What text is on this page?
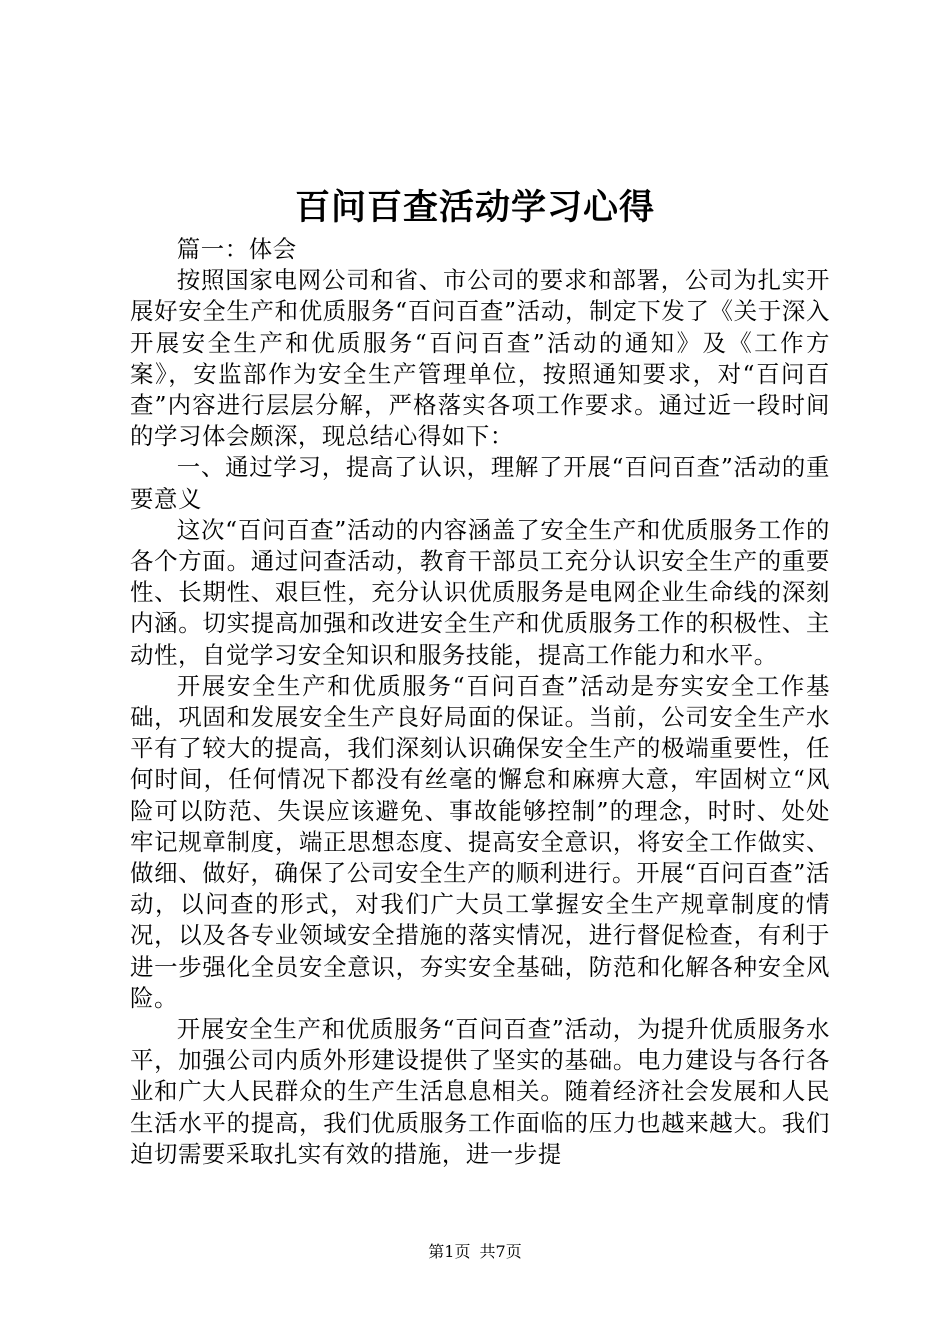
百问百查活动学习心得

篇一：体会

按照国家电网公司和省、市公司的要求和部署，公司为扎实开展好安全生产和优质服务“百问百查”活动，制定下发了《关于深入开展安全生产和优质服务“百问百查”活动的通知》及《工作方案》，安监部作为安全生产管理单位，按照通知要求，对“百问百查”内容进行层层分解，严格落实各项工作要求。通过近一段时间的学习体会颇深，现总结心得如下：

一、通过学习，提高了认识，理解了开展“百问百查”活动的重要意义

这次“百问百查”活动的内容涵盖了安全生产和优质服务工作的各个方面。通过问查活动，教育干部员工充分认识安全生产的重要性、长期性、艰巨性，充分认识优质服务是电网企业生命线的深刻内涵。切实提高加强和改进安全生产和优质服务工作的积极性、主动性，自觉学习安全知识和服务技能，提高工作能力和水平。

开展安全生产和优质服务“百问百查”活动是夯实安全工作基础，巩固和发展安全生产良好局面的保证。当前，公司安全生产水平有了较大的提高，我们深刻认识确保安全生产的极端重要性，任何时间，任何情况下都没有丝毫的懈怠和麻痹大意，牢固树立“风险可以防范、失误应该避免、事故能够控制”的理念，时时、处处牢记规章制度，端正思想态度、提高安全意识，将安全工作做实、做细、做好，确保了公司安全生产的顺利进行。开展“百问百查”活动，以问查的形式，对我们广大员工掌握安全生产规章制度的情况，以及各专业领域安全措施的落实情况，进行督促检查，有利于进一步强化全员安全意识，夯实安全基础，防范和化解各种安全风险。

开展安全生产和优质服务“百问百查”活动，为提升优质服务水平，加强公司内质外形建设提供了坚实的基础。电力建设与各行各业和广大人民群众的生产生活息息相关。随着经济社会发展和人民生活水平的提高，我们优质服务工作面临的压力也越来越大。我们迫切需要采取扎实有效的措施，进一步提

第1页 共7页
